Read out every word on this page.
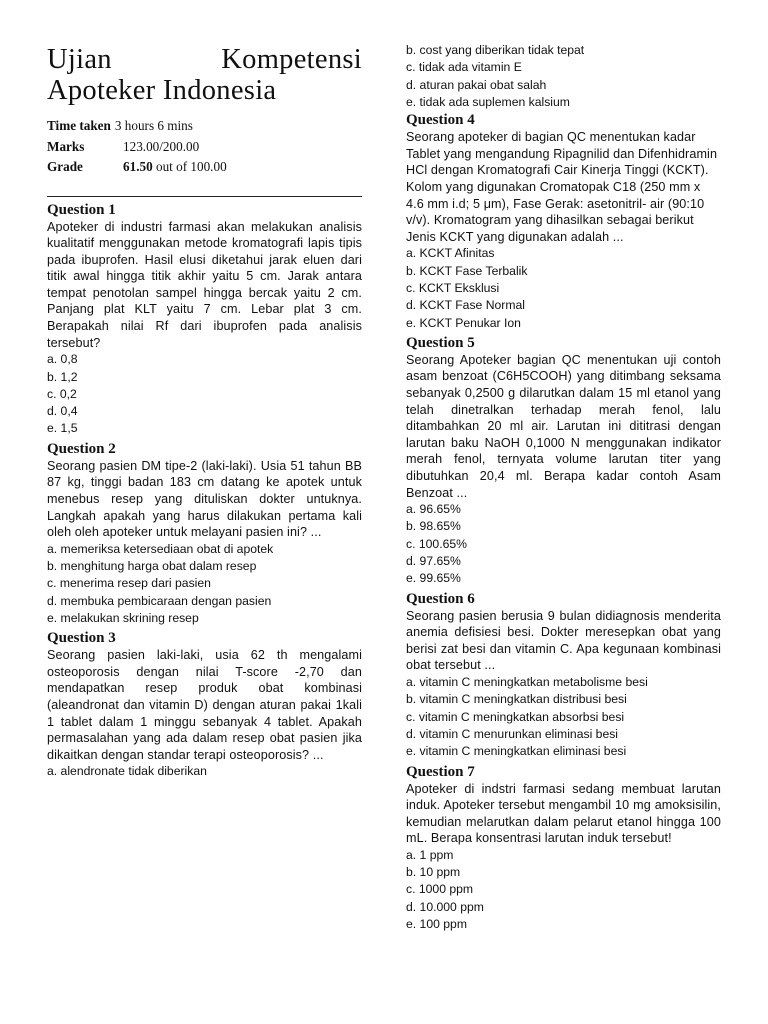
Ujian	Kompetensi
Apoteker Indonesia
Time taken 3 hours 6 mins
Marks	123.00/200.00
Grade	61.50 out of 100.00
Question 1

Apoteker di industri farmasi akan melakukan analisis kualitatif menggunakan metode kromatografi lapis tipis pada ibuprofen. Hasil elusi diketahui jarak eluen dari titik awal hingga titik akhir yaitu 5 cm. Jarak antara tempat penotolan sampel hingga bercak yaitu 2 cm. Panjang plat KLT yaitu 7 cm. Lebar plat 3 cm. Berapakah nilai Rf dari ibuprofen pada analisis tersebut?

a. 0,8
b. 1,2
c. 0,2
d. 0,4
e. 1,5
Question 2

Seorang pasien DM tipe-2 (laki-laki). Usia 51 tahun BB 87 kg, tinggi badan 183 cm datang ke apotek untuk menebus resep yang dituliskan dokter untuknya. Langkah apakah yang harus dilakukan pertama kali oleh oleh apoteker untuk melayani pasien ini? ...

a. memeriksa ketersediaan obat di apotek
b. menghitung harga obat dalam resep
c. menerima resep dari pasien
d. membuka pembicaraan dengan pasien
e. melakukan skrining resep
Question 3

Seorang pasien laki-laki, usia 62 th mengalami osteoporosis dengan nilai T-score -2,70 dan mendapatkan resep produk obat kombinasi (aleandronat dan vitamin D) dengan aturan pakai 1kali 1 tablet dalam 1 minggu sebanyak 4 tablet. Apakah permasalahan yang ada dalam resep obat pasien jika dikaitkan dengan standar terapi osteoporosis? ...

a. alendronate tidak diberikan
b. cost yang diberikan tidak tepat
c. tidak ada vitamin E
d. aturan pakai obat salah
e. tidak ada suplemen kalsium
Question 4

Seorang apoteker di bagian QC menentukan kadar Tablet yang mengandung Ripagnilid dan Difenhidramin HCl dengan Kromatografi Cair Kinerja Tinggi (KCKT). Kolom yang digunakan Cromatopak C18 (250 mm x 4.6 mm i.d; 5 μm), Fase Gerak: asetonitril- air (90:10 v/v). Kromatogram yang dihasilkan sebagai berikut Jenis KCKT yang digunakan adalah ...

a. KCKT Afinitas
b. KCKT Fase Terbalik
c. KCKT Eksklusi
d. KCKT Fase Normal
e. KCKT Penukar Ion
Question 5

Seorang Apoteker bagian QC menentukan uji contoh asam benzoat (C6H5COOH) yang ditimbang seksama sebanyak 0,2500 g dilarutkan dalam 15 ml etanol yang telah dinetralkan terhadap merah fenol, lalu ditambahkan 20 ml air. Larutan ini dititrasi dengan larutan baku NaOH 0,1000 N menggunakan indikator merah fenol, ternyata volume larutan titer yang dibutuhkan 20,4 ml. Berapa kadar contoh Asam Benzoat ...

a. 96.65%
b. 98.65%
c. 100.65%
d. 97.65%
e. 99.65%
Question 6

Seorang pasien berusia 9 bulan didiagnosis menderita anemia defisiesi besi. Dokter meresepkan obat yang berisi zat besi dan vitamin C. Apa kegunaan kombinasi obat tersebut ...

a. vitamin C meningkatkan metabolisme besi
b. vitamin C meningkatkan distribusi besi
c. vitamin C meningkatkan absorbsi besi
d. vitamin C menurunkan eliminasi besi
e. vitamin C meningkatkan eliminasi besi
Question 7

Apoteker di indstri farmasi sedang membuat larutan induk. Apoteker tersebut mengambil 10 mg amoksisilin, kemudian melarutkan dalam pelarut etanol hingga 100 mL. Berapa konsentrasi larutan induk tersebut!

a. 1 ppm
b. 10 ppm
c. 1000 ppm
d. 10.000 ppm
e. 100 ppm
